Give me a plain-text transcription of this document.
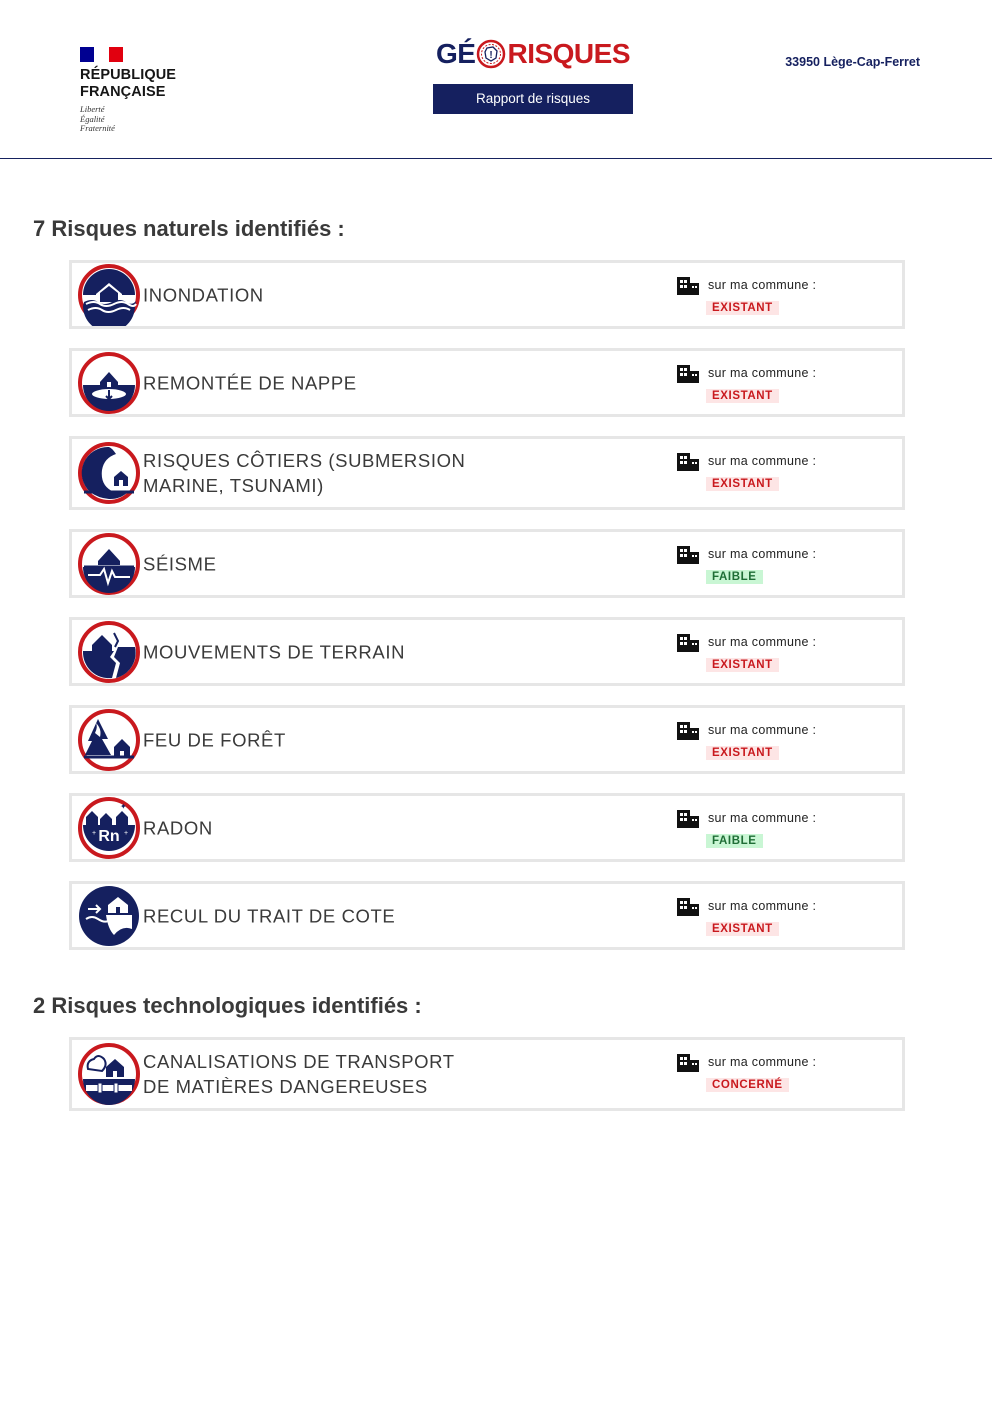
RÉPUBLIQUE
FRANÇAISE
Liberté
Égalité
Fraternité
GÉ ! RISQUES
Rapport de risques
33950 Lège-Cap-Ferret
7 Risques naturels identifiés :
INONDATION	sur ma commune :
EXISTANT
REMONTÉE DE NAPPE	sur ma commune :
EXISTANT
RISQUES CÔTIERS (SUBMERSION
MARINE, TSUNAMI)
sur ma commune :
EXISTANT
SÉISME	sur ma commune :
FAIBLE
MOUVEMENTS DE TERRAIN	sur ma commune :
EXISTANT
FEU DE FORÊT	sur ma commune :
EXISTANT
Rn
+	+
✦
RADON	sur ma commune :
FAIBLE
RECUL DU TRAIT DE COTE	sur ma commune :
EXISTANT
2 Risques technologiques identifiés :
CANALISATIONS DE TRANSPORT
DE MATIÈRES DANGEREUSES
sur ma commune :
CONCERNÉ
